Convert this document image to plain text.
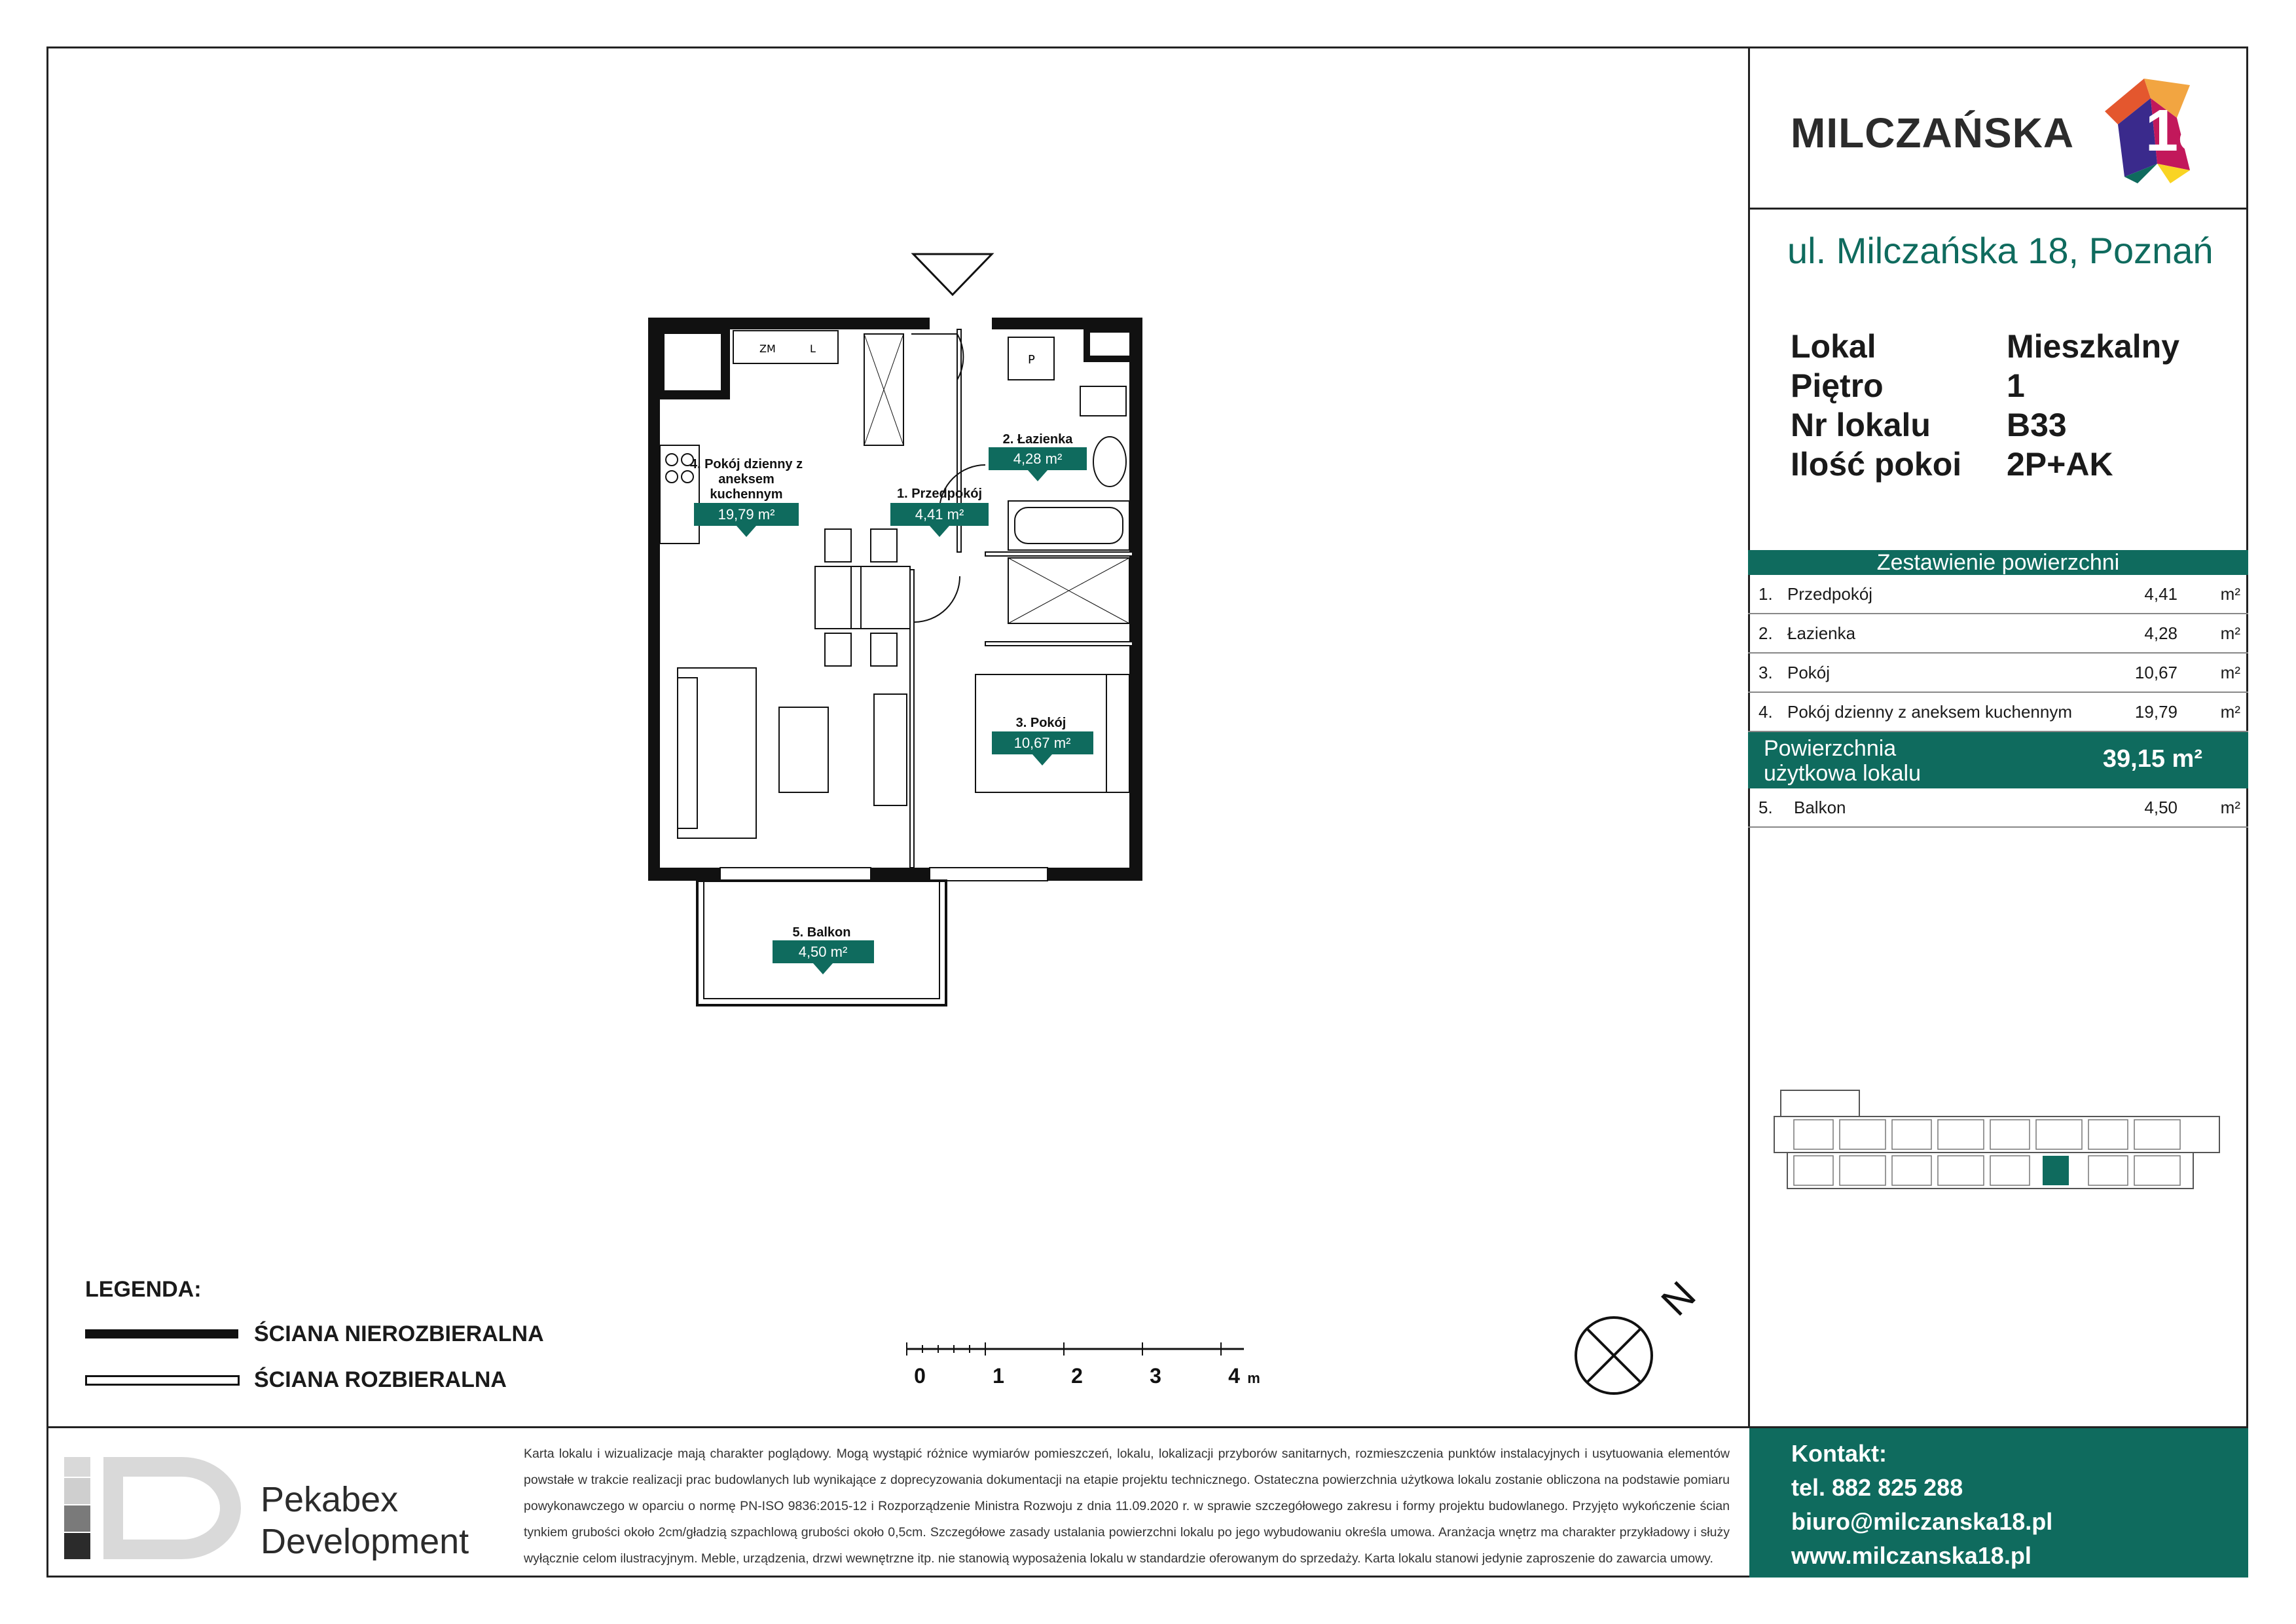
MILCZAŃSKA 18
ul. Milczańska 18, Poznań
Lokal	Mieszkalny
Piętro	1
Nr lokalu	B33
Ilość pokoi	2P+AK
Zestawienie powierzchni
1. Przedpokój	4,41	m²
2. Łazienka	4,28	m²
3. Pokój	10,67	m²
4. Pokój dzienny z aneksem kuchennym	19,79	m²
Powierzchnia użytkowa lokalu
39,15 m²
5. Balkon	4,50	m²
ZM	L
P
4. Pokój dzienny z
aneksem
kuchennym	1. Przedpokój
2. Łazienka
3. Pokój
5. Balkon
19,79 m²	4,41 m²
4,28 m²
10,67 m²
4,50 m²
LEGENDA:
ŚCIANA NIEROZBIERALNA
ŚCIANA ROZBIERALNA	0	1	2	3	4 m
N
Pekabex
Development
Karta lokalu i wizualizacje mają charakter poglądowy. Mogą wystąpić różnice wymiarów pomieszczeń, lokalu, lokalizacji przyborów sanitarnych, rozmieszczenia punktów instalacyjnych i usytuowania elementów powstałe w trakcie realizacji prac budowlanych lub wynikające z doprecyzowania dokumentacji na etapie projektu technicznego. Ostateczna powierzchnia użytkowa lokalu zostanie obliczona na podstawie pomiaru powykonawczego w oparciu o normę PN-ISO 9836:2015-12 i Rozporządzenie Ministra Rozwoju z dnia 11.09.2020 r. w sprawie szczegółowego zakresu i formy projektu budowlanego. Przyjęto wykończenie ścian tynkiem grubości około 2cm/gładzią szpachlową grubości około 0,5cm. Szczegółowe zasady ustalania powierzchni lokalu po jego wybudowaniu określa umowa. Aranżacja wnętrz ma charakter przykładowy i służy wyłącznie celom ilustracyjnym. Meble, urządzenia, drzwi wewnętrzne itp. nie stanowią wyposażenia lokalu w standardzie oferowanym do sprzedaży. Karta lokalu stanowi jedynie zaproszenie do zawarcia umowy.
Kontakt:
tel. 882 825 288
biuro@milczanska18.pl
www.milczanska18.pl
